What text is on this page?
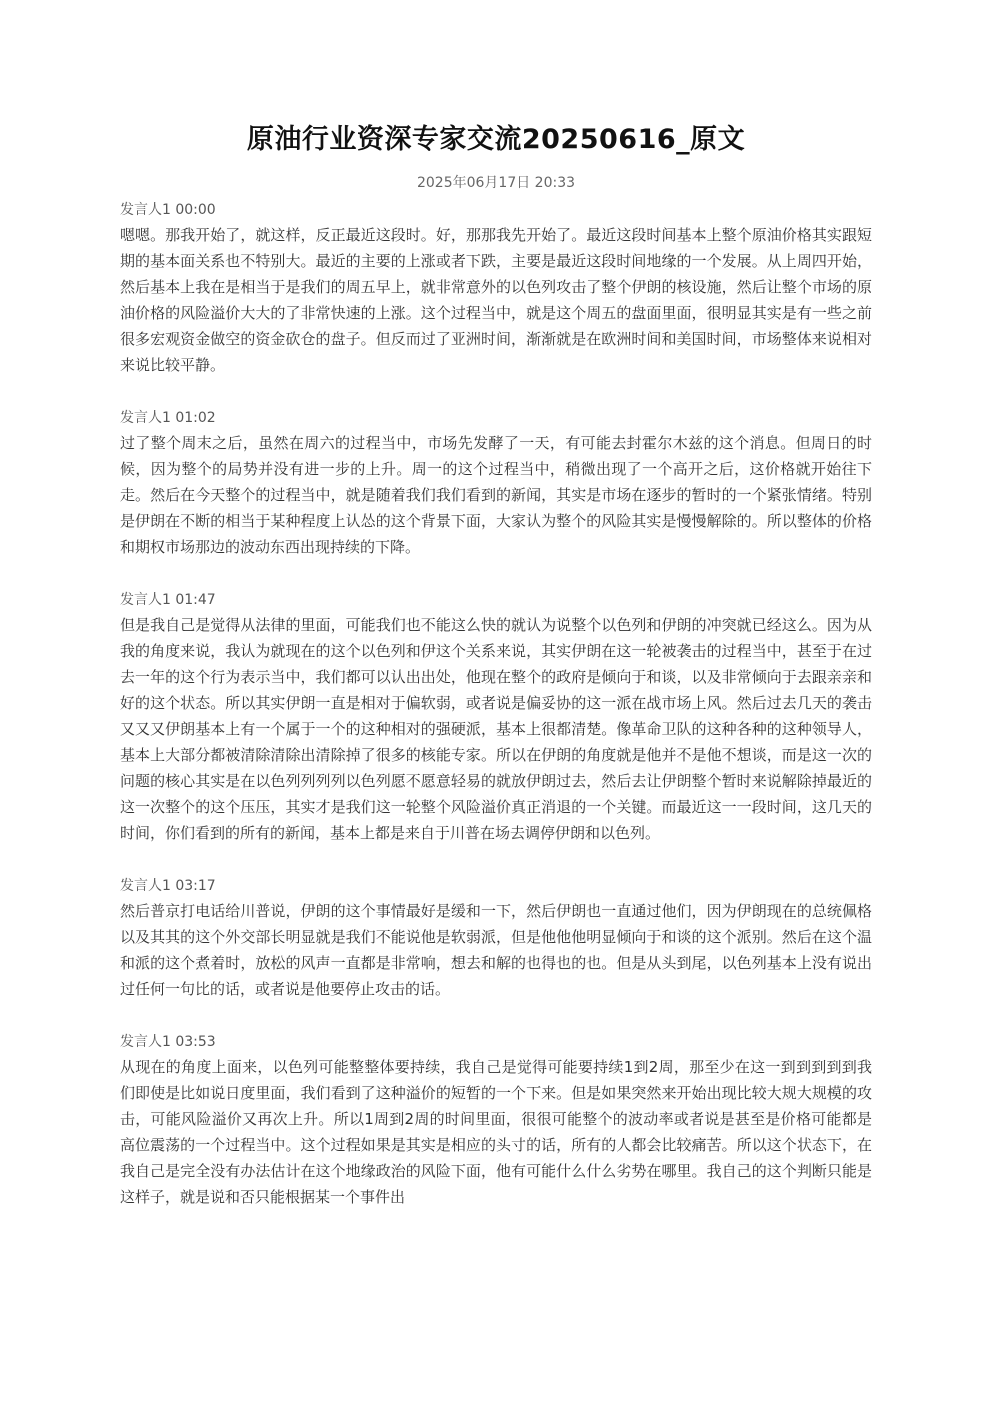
原油行业资深专家交流20250616_原文
2025年06月17日 20:33
发言人1 00:00

嗯嗯。那我开始了，就这样，反正最近这段时。好，那那我先开始了。最近这段时间基本上整个原油价格其实跟短期的基本面关系也不特别大。最近的主要的上涨或者下跌，主要是最近这段时间地缘的一个发展。从上周四开始，然后基本上我在是相当于是我们的周五早上，就非常意外的以色列攻击了整个伊朗的核设施，然后让整个市场的原油价格的风险溢价大大的了非常快速的上涨。这个过程当中，就是这个周五的盘面里面，很明显其实是有一些之前很多宏观资金做空的资金砍仓的盘子。但反而过了亚洲时间，渐渐就是在欧洲时间和美国时间，市场整体来说相对来说比较平静。

发言人1 01:02

过了整个周末之后，虽然在周六的过程当中，市场先发酵了一天，有可能去封霍尔木兹的这个消息。但周日的时候，因为整个的局势并没有进一步的上升。周一的这个过程当中，稍微出现了一个高开之后，这价格就开始往下走。然后在今天整个的过程当中，就是随着我们我们看到的新闻，其实是市场在逐步的暂时的一个紧张情绪。特别是伊朗在不断的相当于某种程度上认怂的这个背景下面，大家认为整个的风险其实是慢慢解除的。所以整体的价格和期权市场那边的波动东西出现持续的下降。

发言人1 01:47

但是我自己是觉得从法律的里面，可能我们也不能这么快的就认为说整个以色列和伊朗的冲突就已经这么。因为从我的角度来说，我认为就现在的这个以色列和伊这个关系来说，其实伊朗在这一轮被袭击的过程当中，甚至于在过去一年的这个行为表示当中，我们都可以认出出处，他现在整个的政府是倾向于和谈，以及非常倾向于去跟亲亲和好的这个状态。所以其实伊朗一直是相对于偏软弱，或者说是偏妥协的这一派在战市场上风。然后过去几天的袭击又又又伊朗基本上有一个属于一个的这种相对的强硬派，基本上很都清楚。像革命卫队的这种各种的这种领导人，基本上大部分都被清除清除出清除掉了很多的核能专家。所以在伊朗的角度就是他并不是他不想谈，而是这一次的问题的核心其实是在以色列列列列以色列愿不愿意轻易的就放伊朗过去，然后去让伊朗整个暂时来说解除掉最近的这一次整个的这个压压，其实才是我们这一轮整个风险溢价真正消退的一个关键。而最近这一一段时间，这几天的时间，你们看到的所有的新闻，基本上都是来自于川普在场去调停伊朗和以色列。

发言人1 03:17

然后普京打电话给川普说，伊朗的这个事情最好是缓和一下，然后伊朗也一直通过他们，因为伊朗现在的总统佩格以及其其的这个外交部长明显就是我们不能说他是软弱派，但是他他他明显倾向于和谈的这个派别。然后在这个温和派的这个煮着时，放松的风声一直都是非常响，想去和解的也得也的也。但是从头到尾，以色列基本上没有说出过任何一句比的话，或者说是他要停止攻击的话。

发言人1 03:53

从现在的角度上面来，以色列可能整整体要持续，我自己是觉得可能要持续1到2周，那至少在这一到到到到到我们即使是比如说日度里面，我们看到了这种溢价的短暂的一个下来。但是如果突然来开始出现比较大规大规模的攻击，可能风险溢价又再次上升。所以1周到2周的时间里面，很很可能整个的波动率或者说是甚至是价格可能都是高位震荡的一个过程当中。这个过程如果是其实是相应的头寸的话，所有的人都会比较痛苦。所以这个状态下，在我自己是完全没有办法估计在这个地缘政治的风险下面，他有可能什么什么劣势在哪里。我自己的这个判断只能是这样子，就是说和否只能根据某一个事件出
